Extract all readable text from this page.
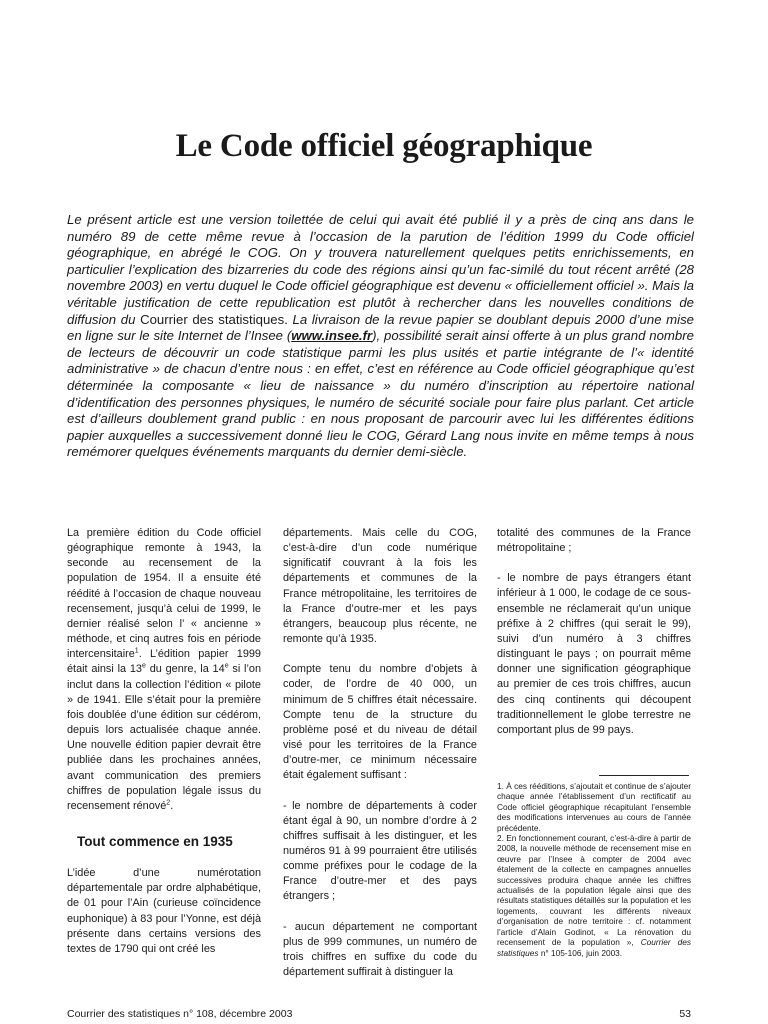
Le Code officiel géographique
Le présent article est une version toilettée de celui qui avait été publié il y a près de cinq ans dans le numéro 89 de cette même revue à l’occasion de la parution de l’édition 1999 du Code officiel géographique, en abrégé le COG. On y trouvera naturellement quelques petits enrichissements, en particulier l’explication des bizarreries du code des régions ainsi qu’un fac-similé du tout récent arrêté (28 novembre 2003) en vertu duquel le Code officiel géographique est devenu « officiellement officiel ». Mais la véritable justification de cette republication est plutôt à rechercher dans les nouvelles conditions de diffusion du Courrier des statistiques. La livraison de la revue papier se doublant depuis 2000 d’une mise en ligne sur le site Internet de l’Insee (www.insee.fr), possibilité serait ainsi offerte à un plus grand nombre de lecteurs de découvrir un code statistique parmi les plus usités et partie intégrante de l’« identité administrative » de chacun d’entre nous : en effet, c’est en référence au Code officiel géographique qu’est déterminée la composante « lieu de naissance » du numéro d’inscription au répertoire national d’identification des personnes physiques, le numéro de sécurité sociale pour faire plus parlant. Cet article est d’ailleurs doublement grand public : en nous proposant de parcourir avec lui les différentes éditions papier auxquelles a successivement donné lieu le COG, Gérard Lang nous invite en même temps à nous remémorer quelques événements marquants du dernier demi-siècle.

La première édition du Code officiel géographique remonte à 1943, la seconde au recensement de la population de 1954. Il a ensuite été réédité à l’occasion de chaque nouveau recensement, jusqu’à celui de 1999, le dernier réalisé selon l’ « ancienne » méthode, et cinq autres fois en période intercensitaire$^1$. L’édition papier 1999 était ainsi la 13e du genre, la 14e si l’on inclut dans la collection l’édition « pilote » de 1941. Elle s’était pour la première fois doublée d’une édition sur cédérom, depuis lors actualisée chaque année. Une nouvelle édition papier devrait être publiée dans les prochaines années, avant communication des premiers chiffres de population légale issus du recensement rénové$^2$.

Tout commence en 1935

L’idée d’une numérotation départementale par ordre alphabétique, de 01 pour l’Ain (curieuse coïncidence euphonique) à 83 pour l’Yonne, est déjà présente dans certains versions des textes de 1790 qui ont créé les

départements. Mais celle du COG, c’est-à-dire d’un code numérique significatif couvrant à la fois les départements et communes de la France métropolitaine, les territoires de la France d’outre-mer et les pays étrangers, beaucoup plus récente, ne remonte qu’à 1935.

Compte tenu du nombre d’objets à coder, de l’ordre de 40 000, un minimum de 5 chiffres était nécessaire. Compte tenu de la structure du problème posé et du niveau de détail visé pour les territoires de la France d’outre-mer, ce minimum nécessaire était également suffisant :

- le nombre de départements à coder étant égal à 90, un nombre d’ordre à 2 chiffres suffisait à les distinguer, et les numéros 91 à 99 pourraient être utilisés comme préfixes pour le codage de la France d’outre-mer et des pays étrangers ;

- aucun département ne comportant plus de 999 communes, un numéro de trois chiffres en suffixe du code du département suffirait à distinguer la

totalité des communes de la France métropolitaine ;

- le nombre de pays étrangers étant inférieur à 1 000, le codage de ce sous-ensemble ne réclamerait qu’un unique préfixe à 2 chiffres (qui serait le 99), suivi d’un numéro à 3 chiffres distinguant le pays ; on pourrait même donner une signification géographique au premier de ces trois chiffres, aucun des cinq continents qui découpent traditionnellement le globe terrestre ne comportant plus de 99 pays.

1. À ces rééditions, s’ajoutait et continue de s’ajouter chaque année l’établissement d’un rectificatif au Code officiel géographique récapitulant l’ensemble des modifications intervenues au cours de l’année précédente.

2. En fonctionnement courant, c’est-à-dire à partir de 2008, la nouvelle méthode de recensement mise en œuvre par l’Insee à compter de 2004 avec étalement de la collecte en campagnes annuelles successives produira chaque année les chiffres actualisés de la population légale ainsi que des résultats statistiques détaillés sur la population et les logements, couvrant les différents niveaux d’organisation de notre territoire : cf. notamment l’article d’Alain Godinot, « La rénovation du recensement de la population », Courrier des statistiques n° 105-106, juin 2003.

Courrier des statistiques n° 108, décembre 2003	53
